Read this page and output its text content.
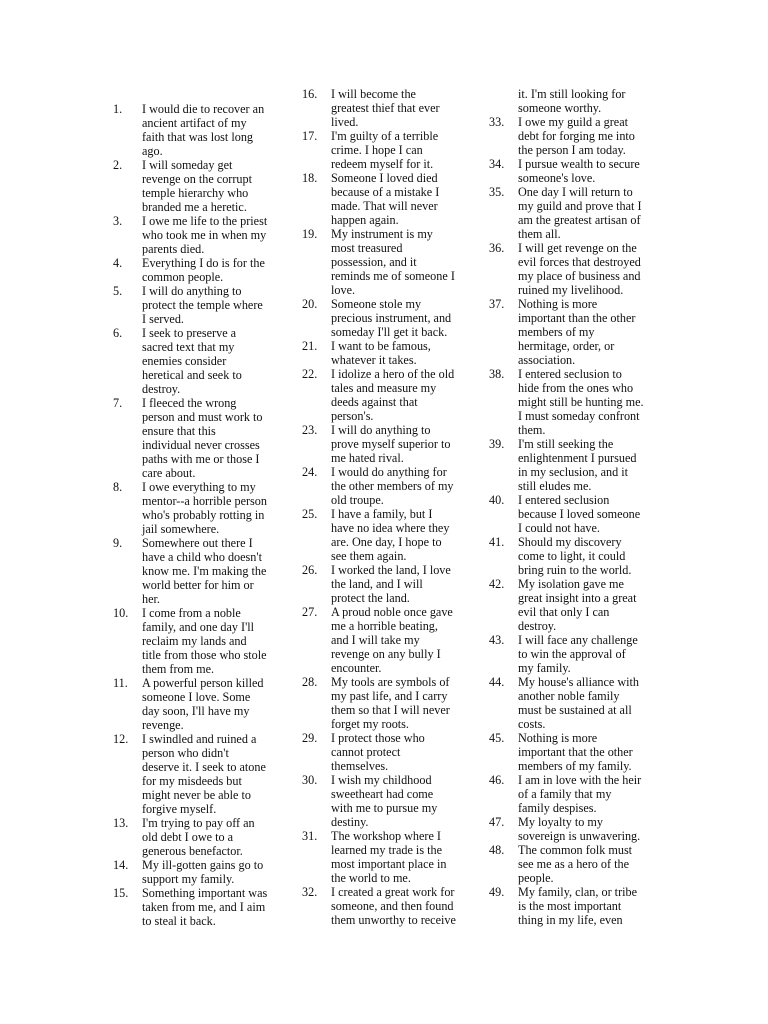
1. I would die to recover an
ancient artifact of my
faith that was lost long
ago.
2. I will someday get
revenge on the corrupt
temple hierarchy who
branded me a heretic.
3. I owe me life to the priest
who took me in when my
parents died.
4. Everything I do is for the
common people.
5. I will do anything to
protect the temple where
I served.
6. I seek to preserve a
sacred text that my
enemies consider
heretical and seek to
destroy.
7. I fleeced the wrong
person and must work to
ensure that this
individual never crosses
paths with me or those I
care about.
8. I owe everything to my
mentor--a horrible person
who's probably rotting in
jail somewhere.
9. Somewhere out there I
have a child who doesn't
know me. I'm making the
world better for him or
her.
10. I come from a noble
family, and one day I'll
reclaim my lands and
title from those who stole
them from me.
11. A powerful person killed
someone I love. Some
day soon, I'll have my
revenge.
12. I swindled and ruined a
person who didn't
deserve it. I seek to atone
for my misdeeds but
might never be able to
forgive myself.
13. I'm trying to pay off an
old debt I owe to a
generous benefactor.
14. My ill-gotten gains go to
support my family.
15. Something important was
taken from me, and I aim
to steal it back.
16. I will become the
greatest thief that ever
lived.
17. I'm guilty of a terrible
crime. I hope I can
redeem myself for it.
18. Someone I loved died
because of a mistake I
made. That will never
happen again.
19. My instrument is my
most treasured
possession, and it
reminds me of someone I
love.
20. Someone stole my
precious instrument, and
someday I'll get it back.
21. I want to be famous,
whatever it takes.
22. I idolize a hero of the old
tales and measure my
deeds against that
person's.
23. I will do anything to
prove myself superior to
me hated rival.
24. I would do anything for
the other members of my
old troupe.
25. I have a family, but I
have no idea where they
are. One day, I hope to
see them again.
26. I worked the land, I love
the land, and I will
protect the land.
27. A proud noble once gave
me a horrible beating,
and I will take my
revenge on any bully I
encounter.
28. My tools are symbols of
my past life, and I carry
them so that I will never
forget my roots.
29. I protect those who
cannot protect
themselves.
30. I wish my childhood
sweetheart had come
with me to pursue my
destiny.
31. The workshop where I
learned my trade is the
most important place in
the world to me.
32. I created a great work for
someone, and then found
them unworthy to receive
it. I'm still looking for
someone worthy.
33. I owe my guild a great
debt for forging me into
the person I am today.
34. I pursue wealth to secure
someone's love.
35. One day I will return to
my guild and prove that I
am the greatest artisan of
them all.
36. I will get revenge on the
evil forces that destroyed
my place of business and
ruined my livelihood.
37. Nothing is more
important than the other
members of my
hermitage, order, or
association.
38. I entered seclusion to
hide from the ones who
might still be hunting me.
I must someday confront
them.
39. I'm still seeking the
enlightenment I pursued
in my seclusion, and it
still eludes me.
40. I entered seclusion
because I loved someone
I could not have.
41. Should my discovery
come to light, it could
bring ruin to the world.
42. My isolation gave me
great insight into a great
evil that only I can
destroy.
43. I will face any challenge
to win the approval of
my family.
44. My house's alliance with
another noble family
must be sustained at all
costs.
45. Nothing is more
important that the other
members of my family.
46. I am in love with the heir
of a family that my
family despises.
47. My loyalty to my
sovereign is unwavering.
48. The common folk must
see me as a hero of the
people.
49. My family, clan, or tribe
is the most important
thing in my life, even
